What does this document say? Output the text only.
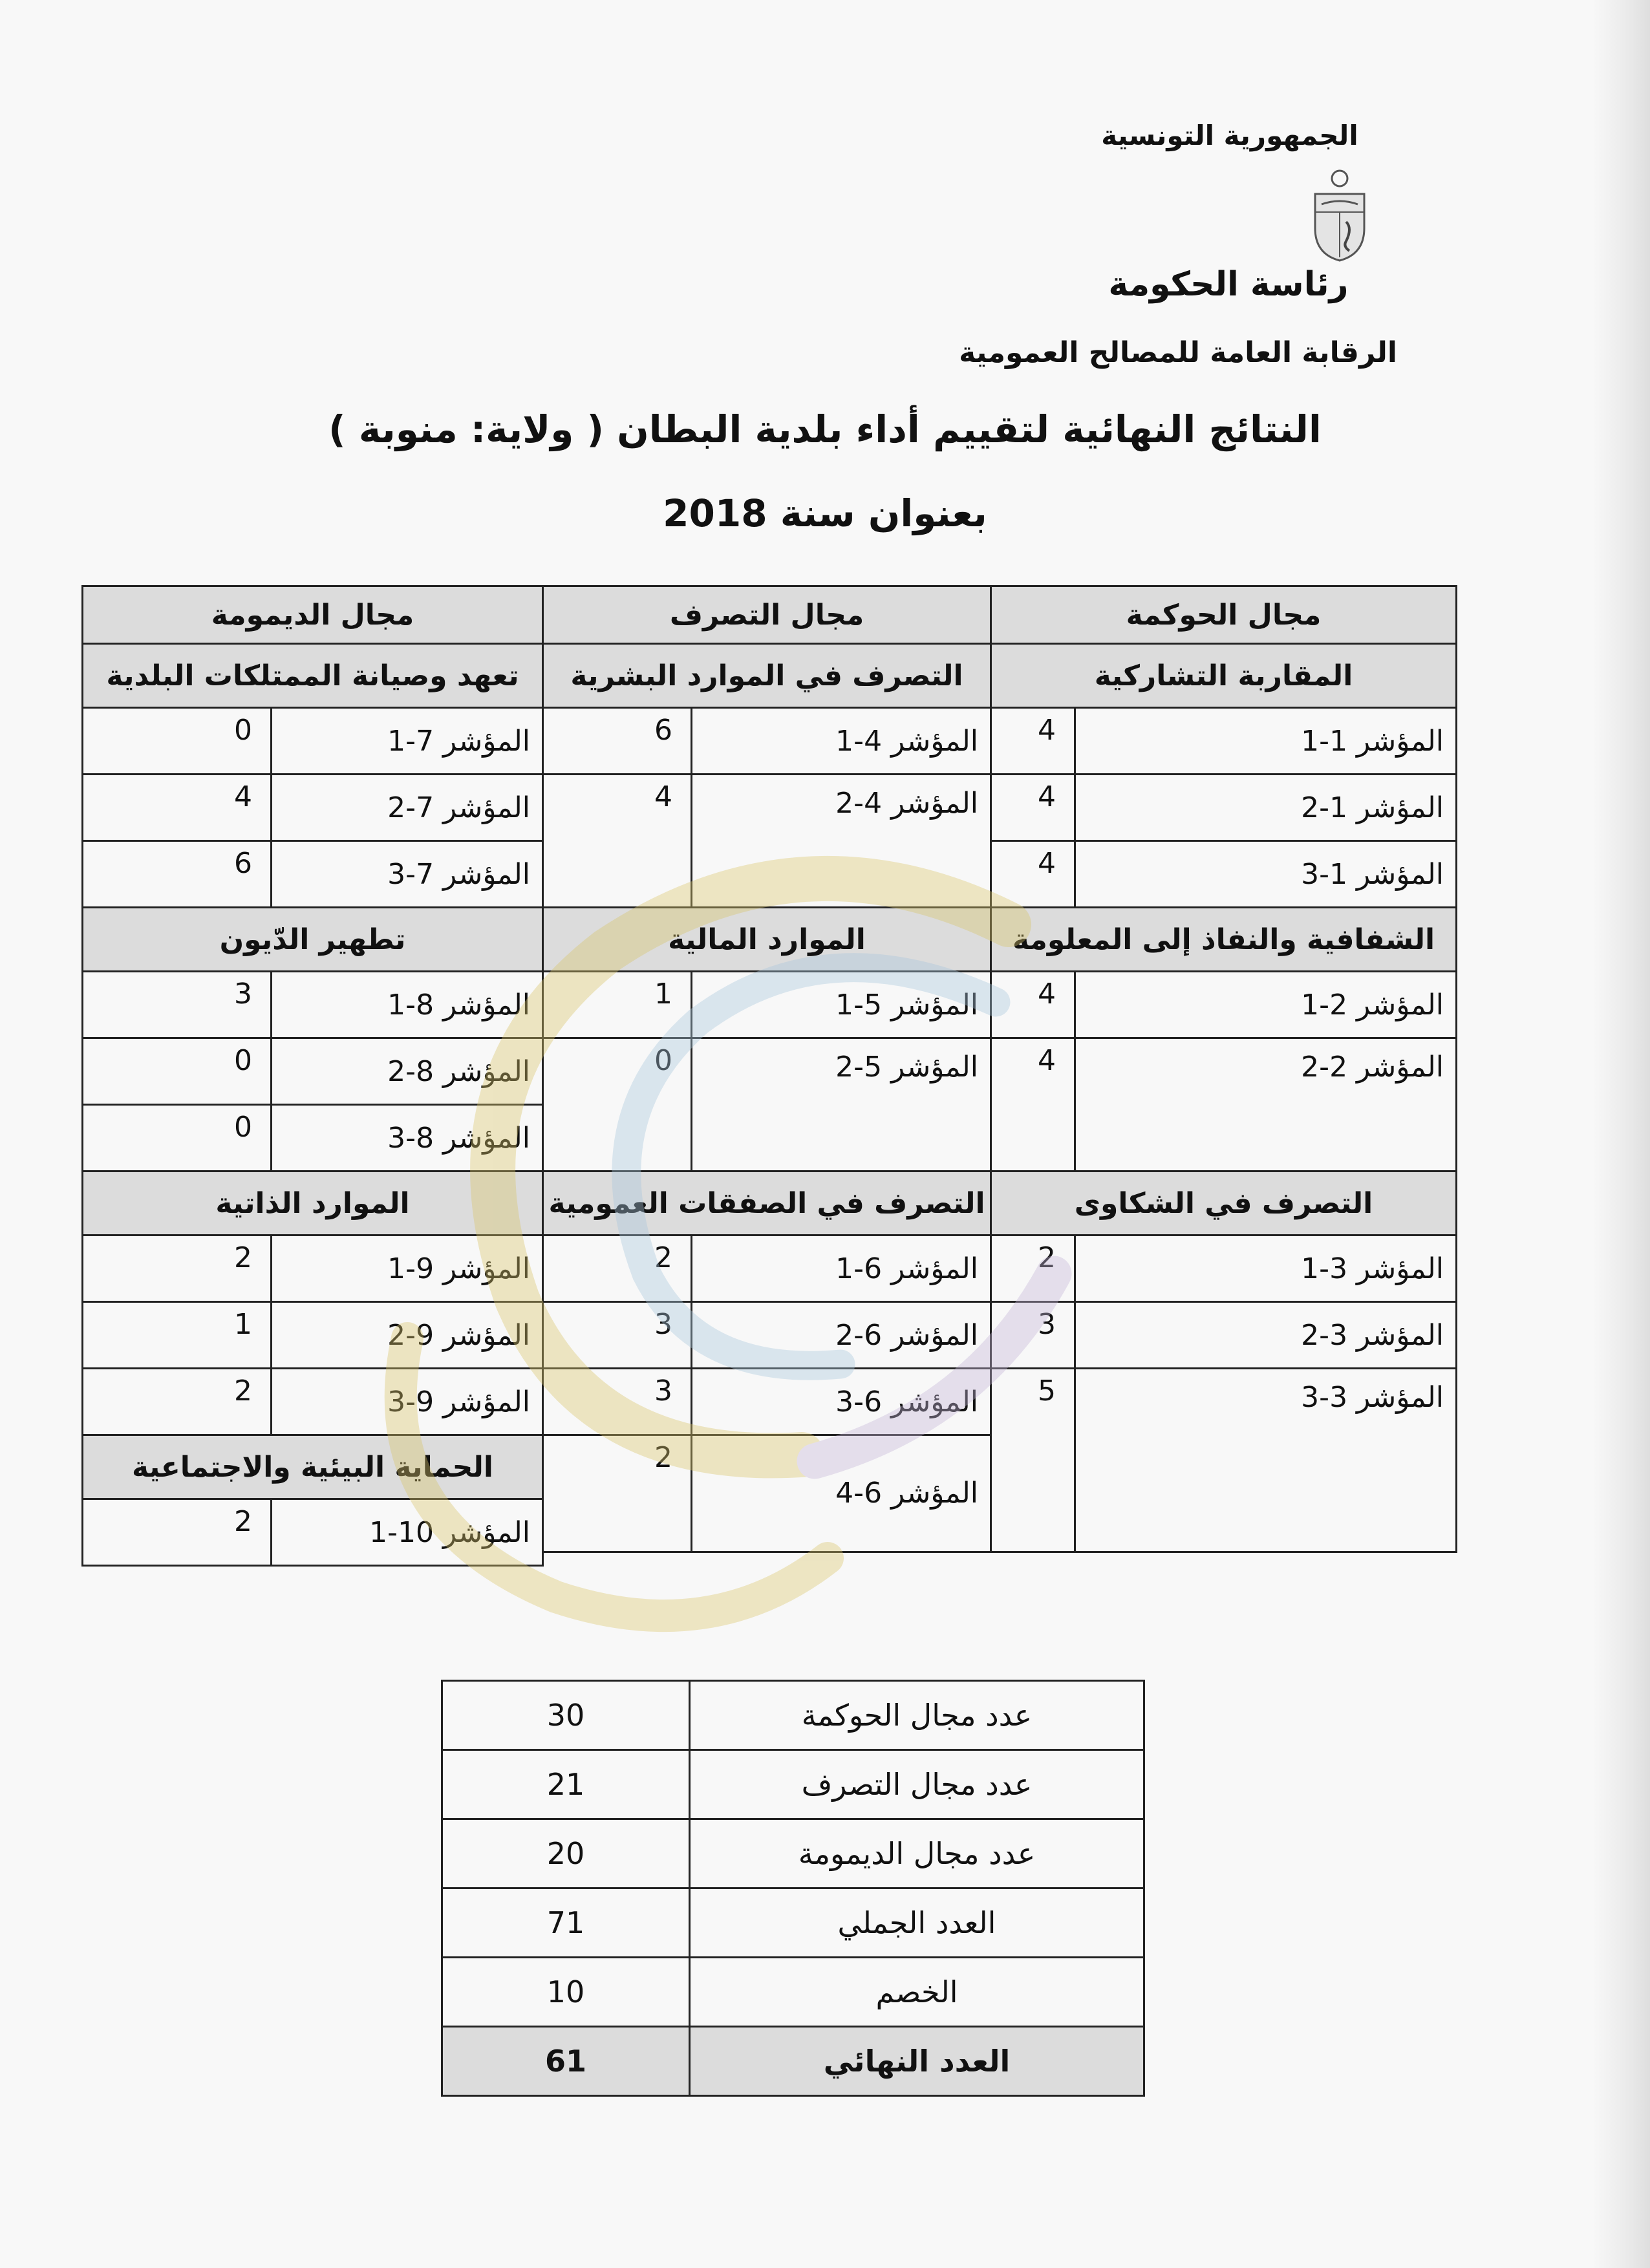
الجمهورية التونسية
رئاسة الحكومة
الرقابة العامة للمصالح العمومية
النتائج النهائية لتقييم أداء بلدية البطان ( ولاية: منوبة )
بعنوان سنة 2018
مجال الحوكمة		مجال التصرف		مجال الديمومة	
المقاربة التشاركية		التصرف في الموارد البشرية		تعهد وصيانة الممتلكات البلدية	
المؤشر 1-1	4	المؤشر 4-1	6	المؤشر 7-1	0
المؤشر 1-2	4	المؤشر 4-2	4	المؤشر 7-2	4
المؤشر 1-3	4			المؤشر 7-3	6
الشفافية والنفاذ إلى المعلومة		الموارد المالية		تطهير الدّيون	
المؤشر 2-1	4	المؤشر 5-1	1	المؤشر 8-1	3
المؤشر 2-2	4	المؤشر 5-2	0	المؤشر 8-2	0
				المؤشر 8-3	0
التصرف في الشكاوى		التصرف في الصفقات العمومية		الموارد الذاتية	
المؤشر 3-1	2	المؤشر 6-1	2	المؤشر 9-1	2
المؤشر 3-2	3	المؤشر 6-2	3	المؤشر 9-2	1
المؤشر 3-3	5	المؤشر 6-3	3	المؤشر 9-3	2
		المؤشر 6-4	2	الحماية البيئية والاجتماعية	
				المؤشر 10-1	2

عدد مجال الحوكمة	30
عدد مجال التصرف	21
عدد مجال الديمومة	20
العدد الجملي	71
الخصم	10
العدد النهائي	61
